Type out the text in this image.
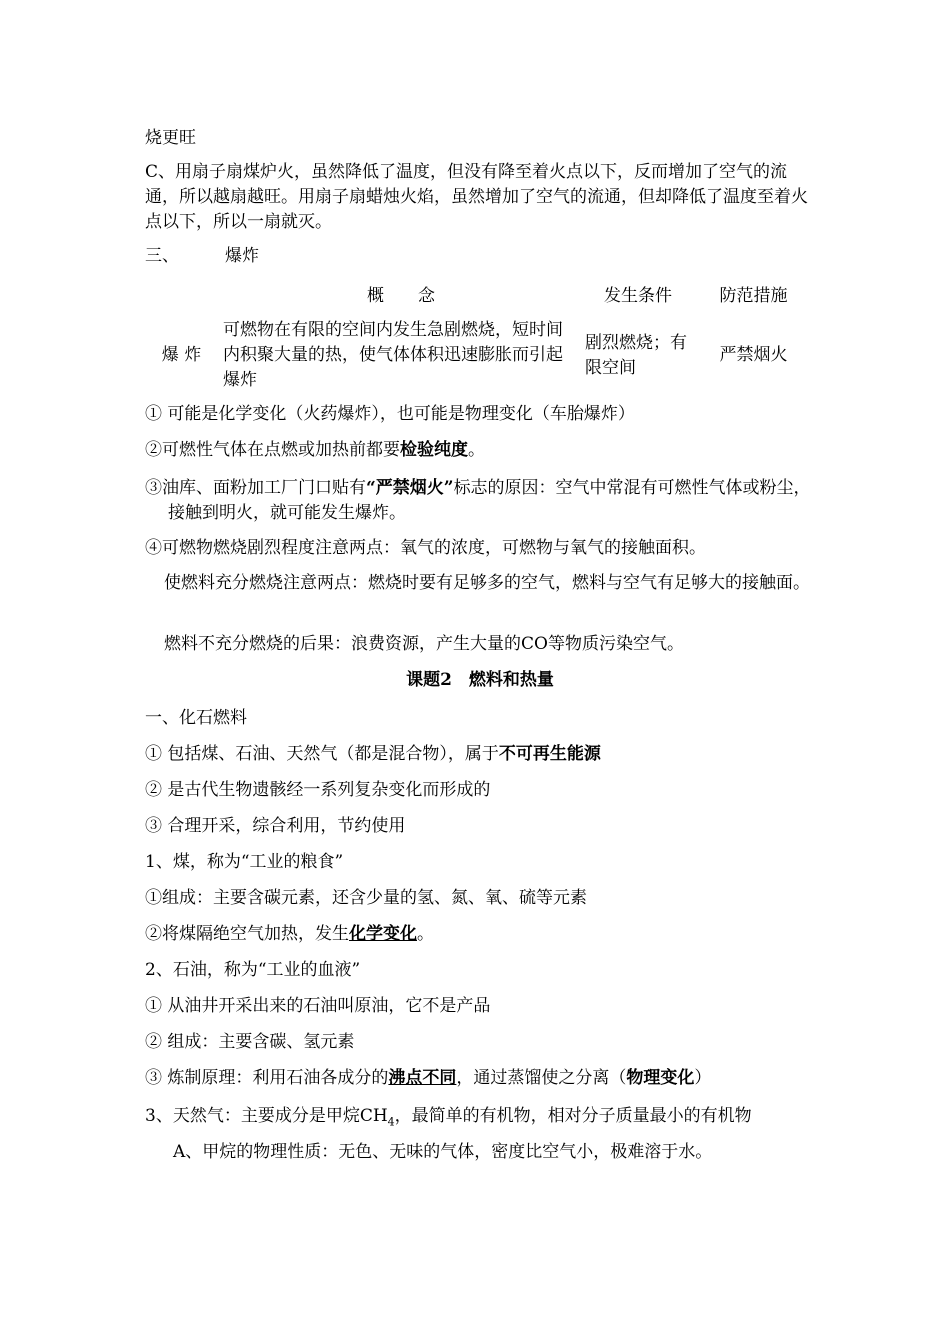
烧更旺
C、用扇子扇煤炉火，虽然降低了温度，但没有降至着火点以下，反而增加了空气的流通，所以越扇越旺。用扇子扇蜡烛火焰，虽然增加了空气的流通，但却降低了温度至着火点以下，所以一扇就灭。
三、	爆炸
	概　　念	发生条件	防范措施
爆 炸	可燃物在有限的空间内发生急剧燃烧，短时间内积聚大量的热，使气体体积迅速膨胀而引起爆炸	剧烈燃烧；有限空间	严禁烟火
① 可能是化学变化（火药爆炸），也可能是物理变化（车胎爆炸）
②可燃性气体在点燃或加热前都要检验纯度。
③油库、面粉加工厂门口贴有“严禁烟火”标志的原因：空气中常混有可燃性气体或粉尘，接触到明火，就可能发生爆炸。
④可燃物燃烧剧烈程度注意两点：氧气的浓度，可燃物与氧气的接触面积。
使燃料充分燃烧注意两点：燃烧时要有足够多的空气，燃料与空气有足够大的接触面。
燃料不充分燃烧的后果：浪费资源，产生大量的CO等物质污染空气。
课题2　燃料和热量
一、化石燃料
① 包括煤、石油、天然气（都是混合物），属于不可再生能源
② 是古代生物遗骸经一系列复杂变化而形成的
③ 合理开采，综合利用，节约使用
1、煤，称为“工业的粮食”
①组成：主要含碳元素，还含少量的氢、氮、氧、硫等元素
②将煤隔绝空气加热，发生化学变化。
2、石油，称为“工业的血液”
① 从油井开采出来的石油叫原油，它不是产品
② 组成：主要含碳、氢元素
③ 炼制原理：利用石油各成分的沸点不同，通过蒸馏使之分离（物理变化）
3、天然气：主要成分是甲烷$CH_4$，最简单的有机物，相对分子质量最小的有机物
A、甲烷的物理性质：无色、无味的气体，密度比空气小，极难溶于水。
